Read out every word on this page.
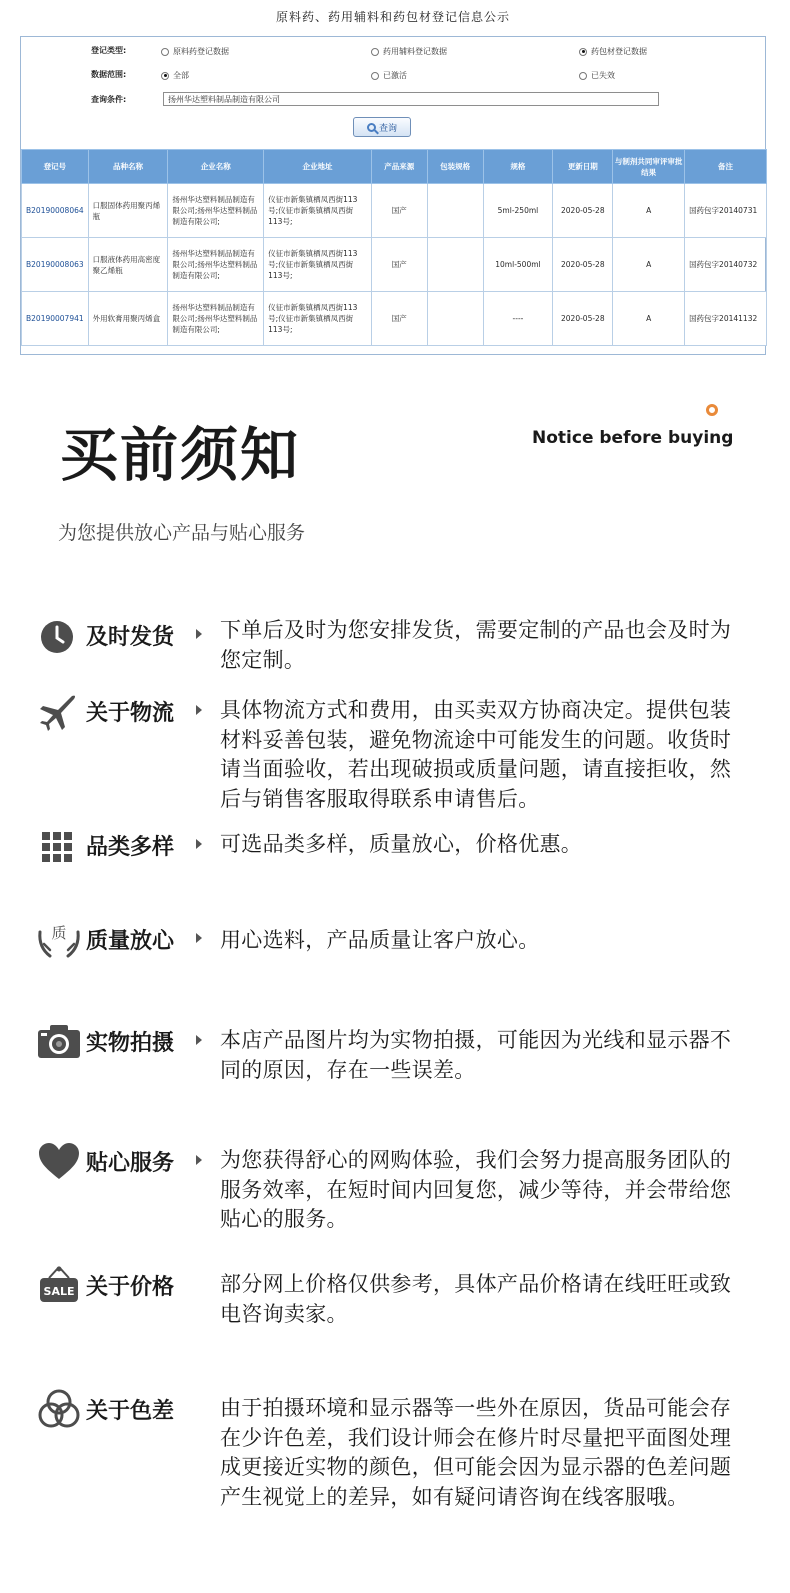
原料药、药用辅料和药包材登记信息公示
登记类型:	原料药登记数据	药用辅料登记数据	药包材登记数据
数据范围:	全部	已激活	已失效
查询条件:	扬州华达塑料制品制造有限公司
查询
登记号	品种名称	企业名称	企业地址	产品来源	包装规格	规格	更新日期	与制剂共同审评审批结果	备注
B20190008064	口服固体药用聚丙烯瓶	扬州华达塑料制品制造有限公司;扬州华达塑料制品制造有限公司;	仪征市新集镇栖凤西街113号;仪征市新集镇栖凤西街113号;	国产		5ml-250ml	2020-05-28	A	国药包字20140731
B20190008063	口服液体药用高密度聚乙烯瓶	扬州华达塑料制品制造有限公司;扬州华达塑料制品制造有限公司;	仪征市新集镇栖凤西街113号;仪征市新集镇栖凤西街113号;	国产		10ml-500ml	2020-05-28	A	国药包字20140732
B20190007941	外用软膏用聚丙烯盒	扬州华达塑料制品制造有限公司;扬州华达塑料制品制造有限公司;	仪征市新集镇栖凤西街113号;仪征市新集镇栖凤西街113号;	国产		----	2020-05-28	A	国药包字20141132
买前须知	Notice before buying
为您提供放心产品与贴心服务
及时发货 下单后及时为您安排发货，需要定制的产品也会及时为您定制。
关于物流 具体物流方式和费用，由买卖双方协商决定。提供包装材料妥善包装，避免物流途中可能发生的问题。收货时请当面验收，若出现破损或质量问题，请直接拒收，然后与销售客服取得联系申请售后。
品类多样 可选品类多样，质量放心，价格优惠。
质 质量放心 用心选料，产品质量让客户放心。
实物拍摄 本店产品图片均为实物拍摄，可能因为光线和显示器不同的原因，存在一些误差。
贴心服务 为您获得舒心的网购体验，我们会努力提高服务团队的服务效率，在短时间内回复您，减少等待，并会带给您贴心的服务。
SALE 关于价格 部分网上价格仅供参考，具体产品价格请在线旺旺或致电咨询卖家。
关于色差 由于拍摄环境和显示器等一些外在原因，货品可能会存在少许色差，我们设计师会在修片时尽量把平面图处理成更接近实物的颜色，但可能会因为显示器的色差问题产生视觉上的差异，如有疑问请咨询在线客服哦。
